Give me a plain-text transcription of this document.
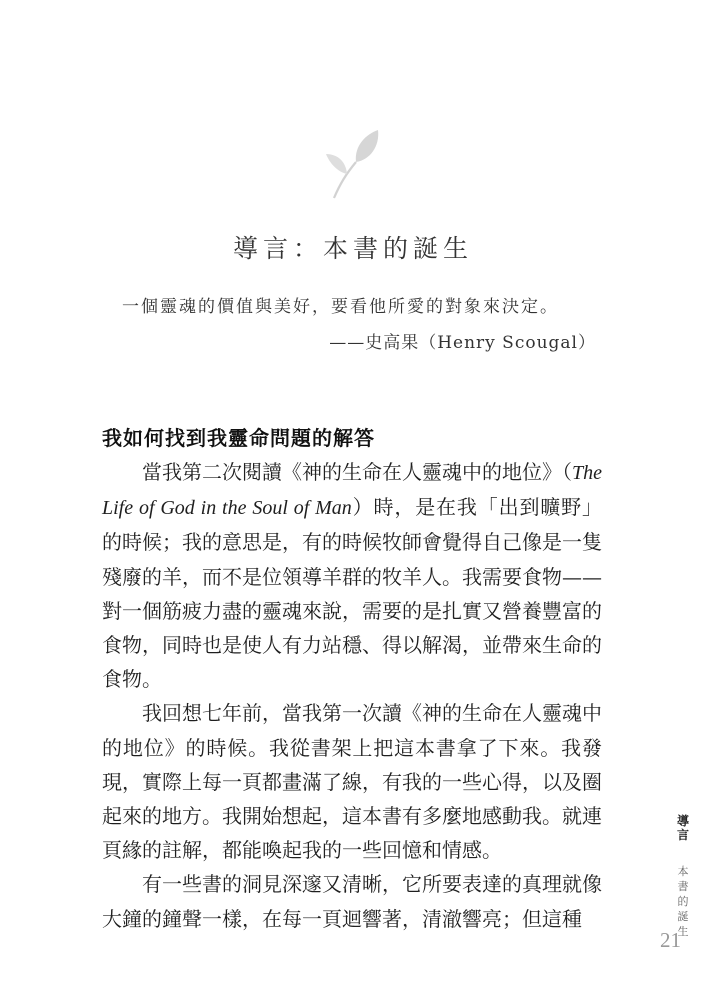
導言：本書的誕生
一個靈魂的價值與美好，要看他所愛的對象來決定。
——史高果（Henry Scougal）
我如何找到我靈命問題的解答

當我第二次閱讀《神的生命在人靈魂中的地位》（The Life of God in the Soul of Man）時，是在我「出到曠野」的時候；我的意思是，有的時候牧師會覺得自己像是一隻殘廢的羊，而不是位領導羊群的牧羊人。我需要食物——對一個筋疲力盡的靈魂來說，需要的是扎實又營養豐富的食物，同時也是使人有力站穩、得以解渴，並帶來生命的食物。

我回想七年前，當我第一次讀《神的生命在人靈魂中的地位》的時候。我從書架上把這本書拿了下來。我發現，實際上每一頁都畫滿了線，有我的一些心得，以及圈起來的地方。我開始想起，這本書有多麼地感動我。就連頁緣的註解，都能喚起我的一些回憶和情感。

有一些書的洞見深邃又清晰，它所要表達的真理就像大鐘的鐘聲一樣，在每一頁迴響著，清澈響亮；但這種

導言
本書的誕生
21
